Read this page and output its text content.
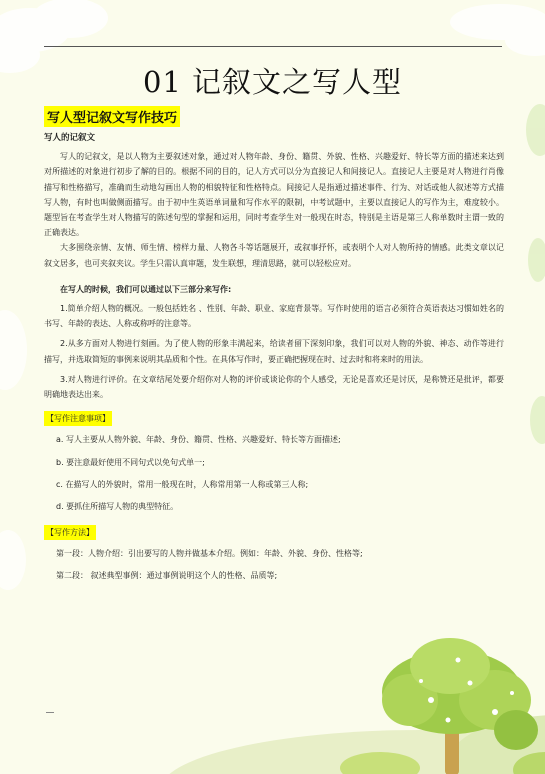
01 记叙文之写人型
写人型记叙文写作技巧
写人的记叙文

写人的记叙文，是以人物为主要叙述对象，通过对人物年龄、身份、籍贯、外貌、性格、兴趣爱好、特长等方面的描述来达到对所描述的对象进行初步了解的目的。根据不同的目的，记人方式可以分为直接记人和间接记人。直接记人主要是对人物进行肖像描写和性格描写，准确而生动地勾画出人物的相貌特征和性格特点。间接记人是指通过描述事件、行为、对话或他人叙述等方式描写人物，有时也叫做侧面描写。由于初中生英语单词量和写作水平的限制，中考试题中，主要以直接记人的写作为主，难度较小。题型旨在考查学生对人物描写的陈述句型的掌握和运用，同时考查学生对一般现在时态，特别是主语是第三人称单数时主谓一致的正确表达。

大多围绕亲情、友情、师生情、榜样力量、人物各斗等话题展开，或叙事抒怀，或表明个人对人物所持的情感。此类文章以记叙文居多，也可夹叙夹议。学生只需认真审题，发生联想，理清思路，就可以轻松应对。

在写人的时候，我们可以通过以下三部分来写作:

1.简单介绍人物的概况。一般包括姓名 、性别、年龄、职业、家庭背景等。写作时使用的语言必须符合英语表达习惯如姓名的书写、年龄的表达、人称或称呼的注意等。

2.从多方面对人物进行刻画。为了使人物的形象丰满起来，给读者留下深刻印象，我们可以对人物的外貌、神态、动作等进行描写，并选取简短的事例来说明其品质和个性。在具体写作时，要正确把握现在时、过去时和将来时的用法。

3.对人物进行评价。在文章结尾处要介绍你对人物的评价或谈论你的个人感受，无论是喜欢还是讨厌，是称赞还是批评，都要明确地表达出来。

【写作注意事项】
a. 写人主要从人物外貌、年龄、身份、籍贯、性格、兴趣爱好、特长等方面描述;
b. 要注意最好使用不同句式以免句式单一;
c. 在描写人的外貌时，常用一般现在时，人称常用第一人称或第三人称;
d. 要抓住所描写人物的典型特征。
【写作方法】
第一段：人物介绍：引出要写的人物并做基本介绍。例如：年龄、外貌、身份、性格等;
第二段： 叙述典型事例：通过事例说明这个人的性格、品质等;
